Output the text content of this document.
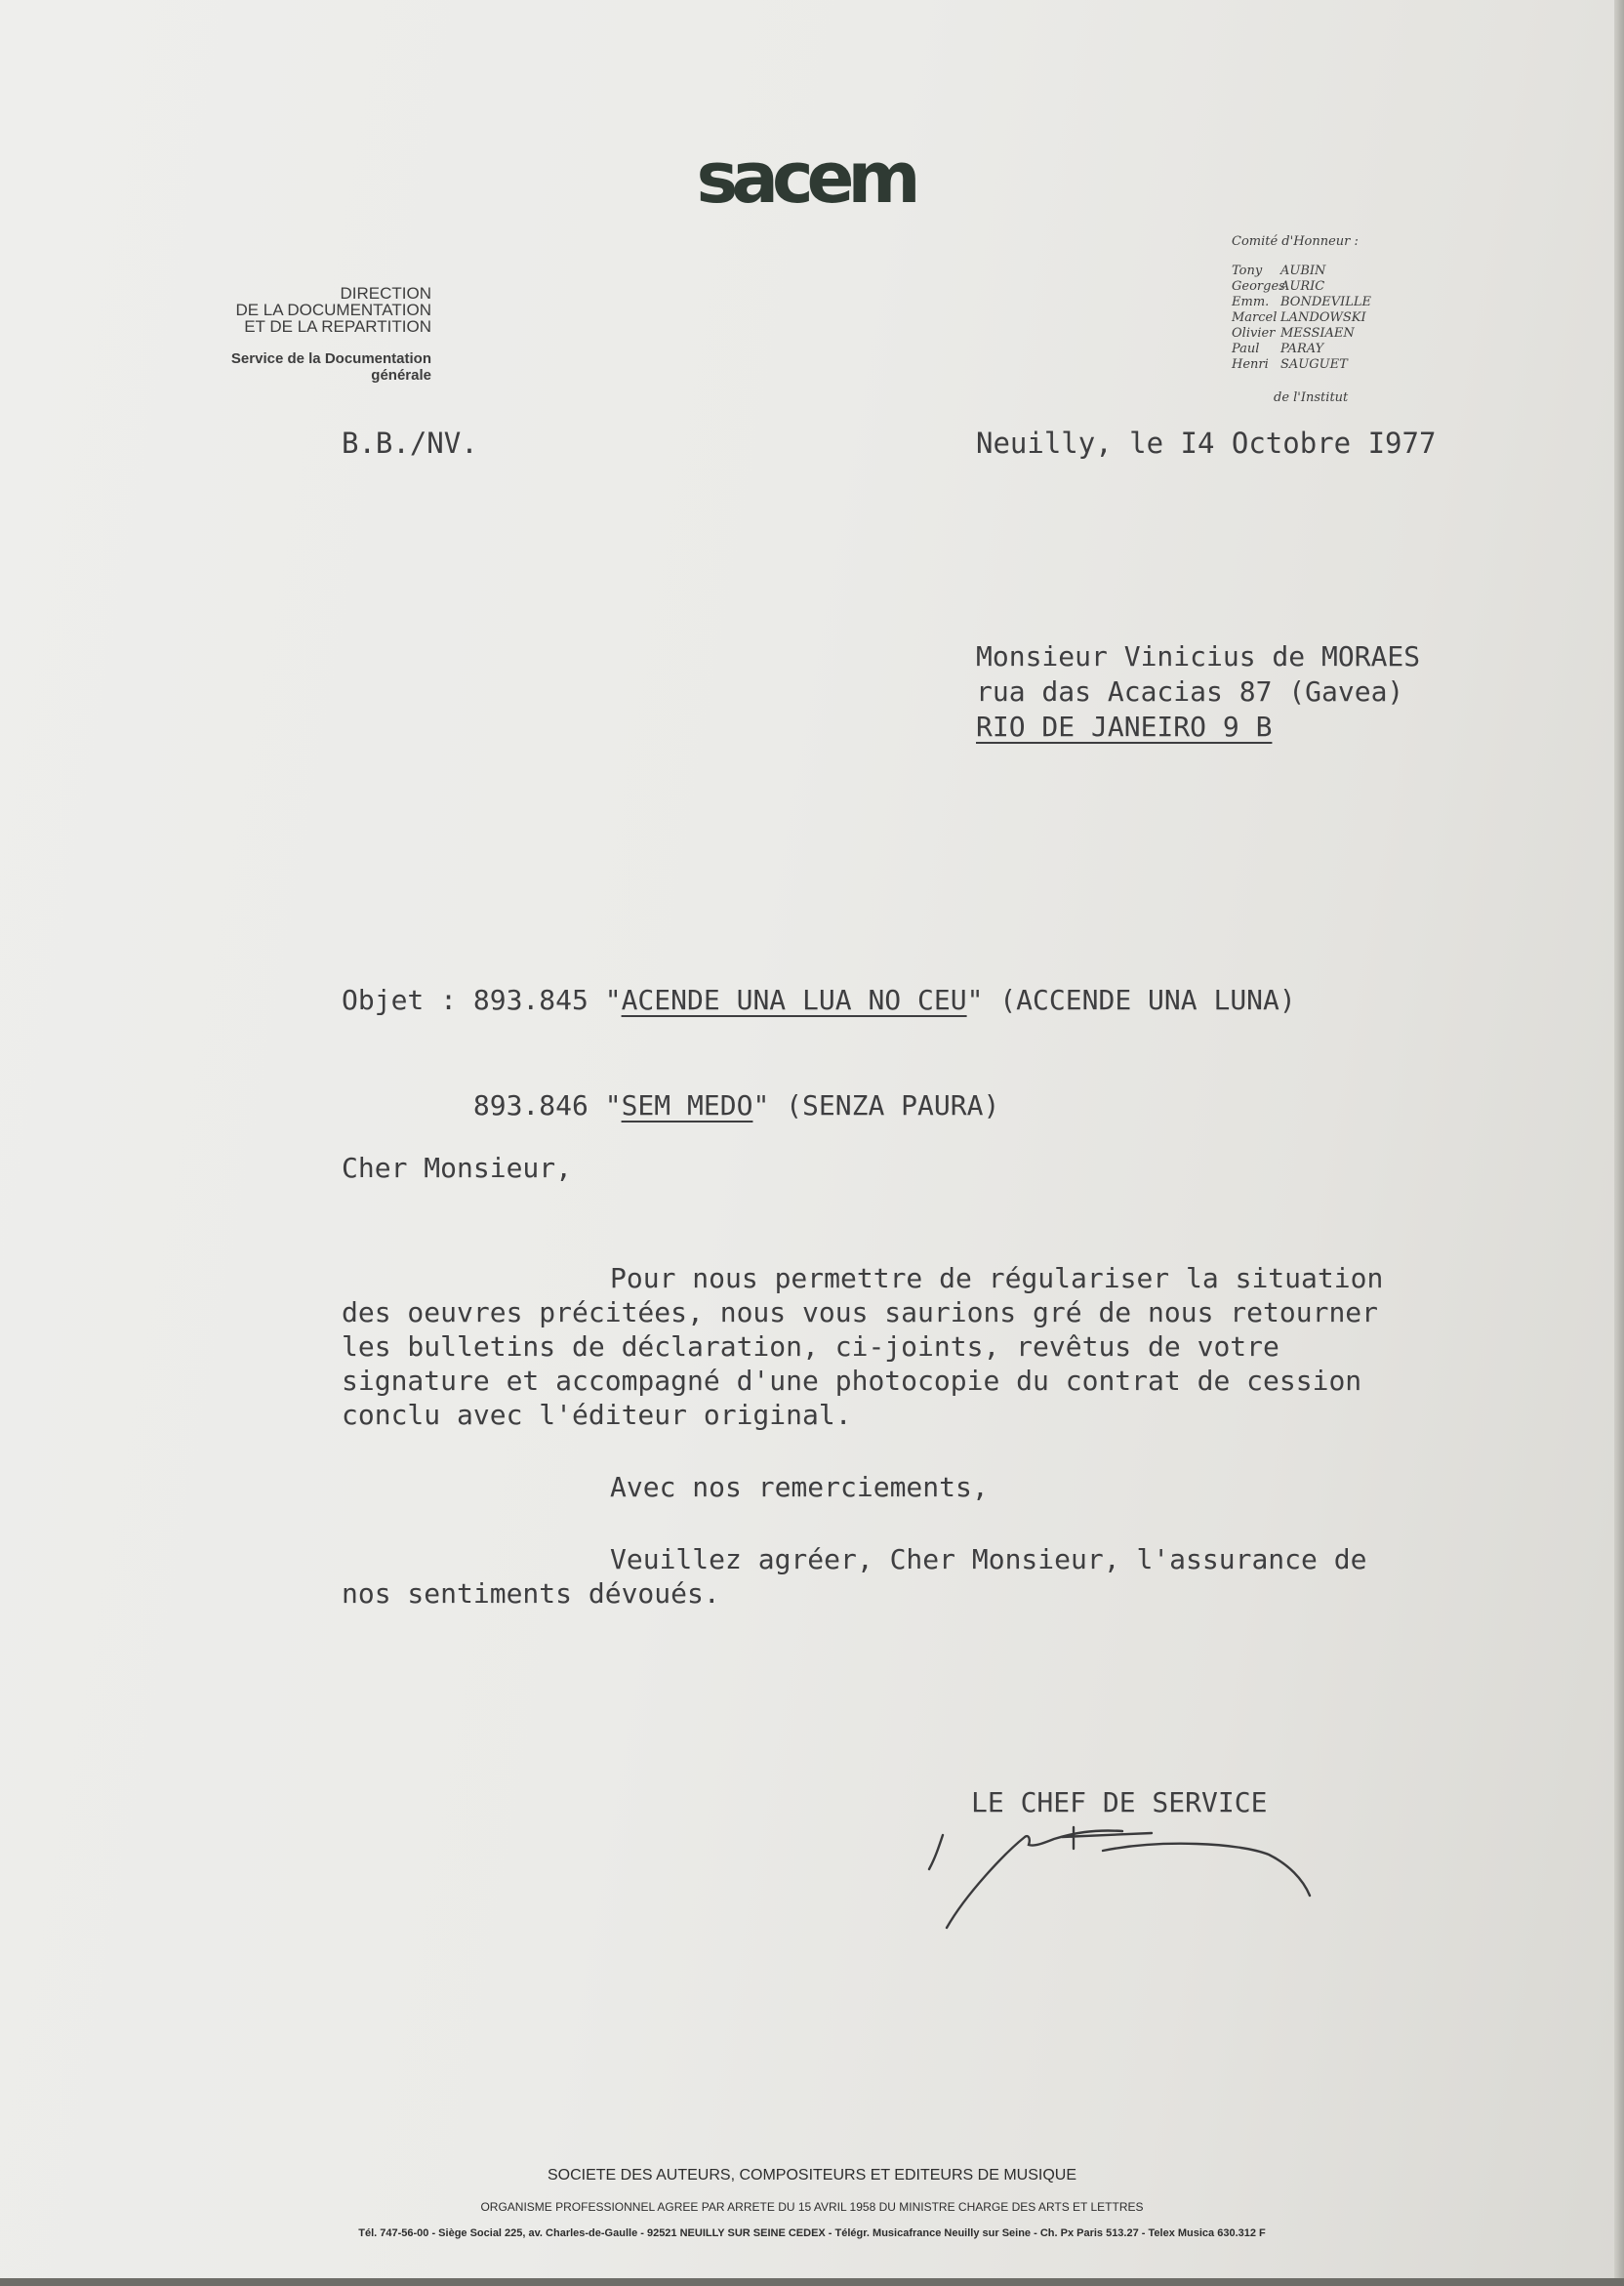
sacem
DIRECTION
DE LA DOCUMENTATION
ET DE LA REPARTITION
Service de la Documentation
générale
Comité d'Honneur :
Tony AUBIN
GeorgesAURIC
Emm. BONDEVILLE
Marcel LANDOWSKI
Olivier MESSIAEN
Paul PARAY
Henri SAUGUET
de l'Institut
B.B./NV.	Neuilly, le I4 Octobre I977
Monsieur Vinicius de MORAES
rua das Acacias 87 (Gavea)
RIO DE JANEIRO 9 B

Objet : 893.845 "ACENDE UNA LUA NO CEU" (ACCENDE UNA LUNA)

893.846 "SEM MEDO" (SENZA PAURA)

Cher Monsieur,
Pour nous permettre de régulariser la situation
des oeuvres précitées, nous vous saurions gré de nous retourner
les bulletins de déclaration, ci-joints, revêtus de votre
signature et accompagné d'une photocopie du contrat de cession
conclu avec l'éditeur original.
Avec nos remerciements,
Veuillez agréer, Cher Monsieur, l'assurance de
nos sentiments dévoués.
LE CHEF DE SERVICE
SOCIETE DES AUTEURS, COMPOSITEURS ET EDITEURS DE MUSIQUE
ORGANISME PROFESSIONNEL AGREE PAR ARRETE DU 15 AVRIL 1958 DU MINISTRE CHARGE DES ARTS ET LETTRES
Tél. 747-56-00 - Siège Social 225, av. Charles-de-Gaulle - 92521 NEUILLY SUR SEINE CEDEX - Télégr. Musicafrance Neuilly sur Seine - Ch. Px Paris 513.27 - Telex Musica 630.312 F
